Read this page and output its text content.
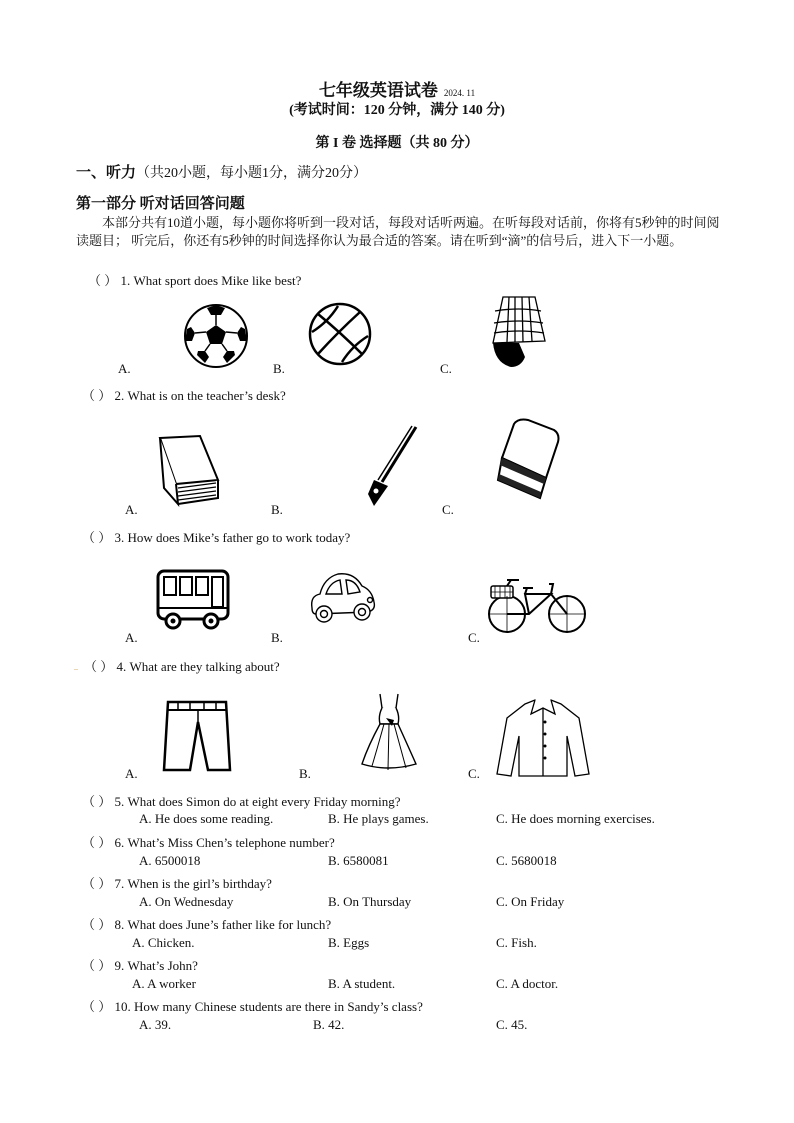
七年级英语试卷 2024. 11
(考试时间：120 分钟，满分 140 分)
第 I 卷 选择题（共 80 分）
一、听力（共20小题，每小题1分，满分20分）
第一部分 听对话回答问题
本部分共有10道小题，每小题你将听到一段对话，每段对话听两遍。在听每段对话前，你将有5秒钟的时间阅读题目； 听完后，你还有5秒钟的时间选择你认为最合适的答案。请在听到“滴”的信号后，进入下一小题。
（ ） 1. What sport does Mike like best?
A.	B.	C.
（ ） 2. What is on the teacher’s desk?
A.	B.	C.
（ ） 3. How does Mike’s father go to work today?
A.	B.	C.
_ （ ） 4. What are they talking about?
A.	B.	C.
（ ） 5. What does Simon do at eight every Friday morning?
A. He does some reading.	B. He plays games.	C. He does morning exercises.
（ ） 6. What’s Miss Chen’s telephone number?
A. 6500018	B. 6580081	C. 5680018
（ ） 7. When is the girl’s birthday?
A. On Wednesday	B. On Thursday	C. On Friday
（ ） 8. What does June’s father like for lunch?
A. Chicken.	B. Eggs	C. Fish.
（ ） 9. What’s John?
A. A worker	B. A student.	C. A doctor.
（ ） 10. How many Chinese students are there in Sandy’s class?
A. 39.	B. 42.	C. 45.
